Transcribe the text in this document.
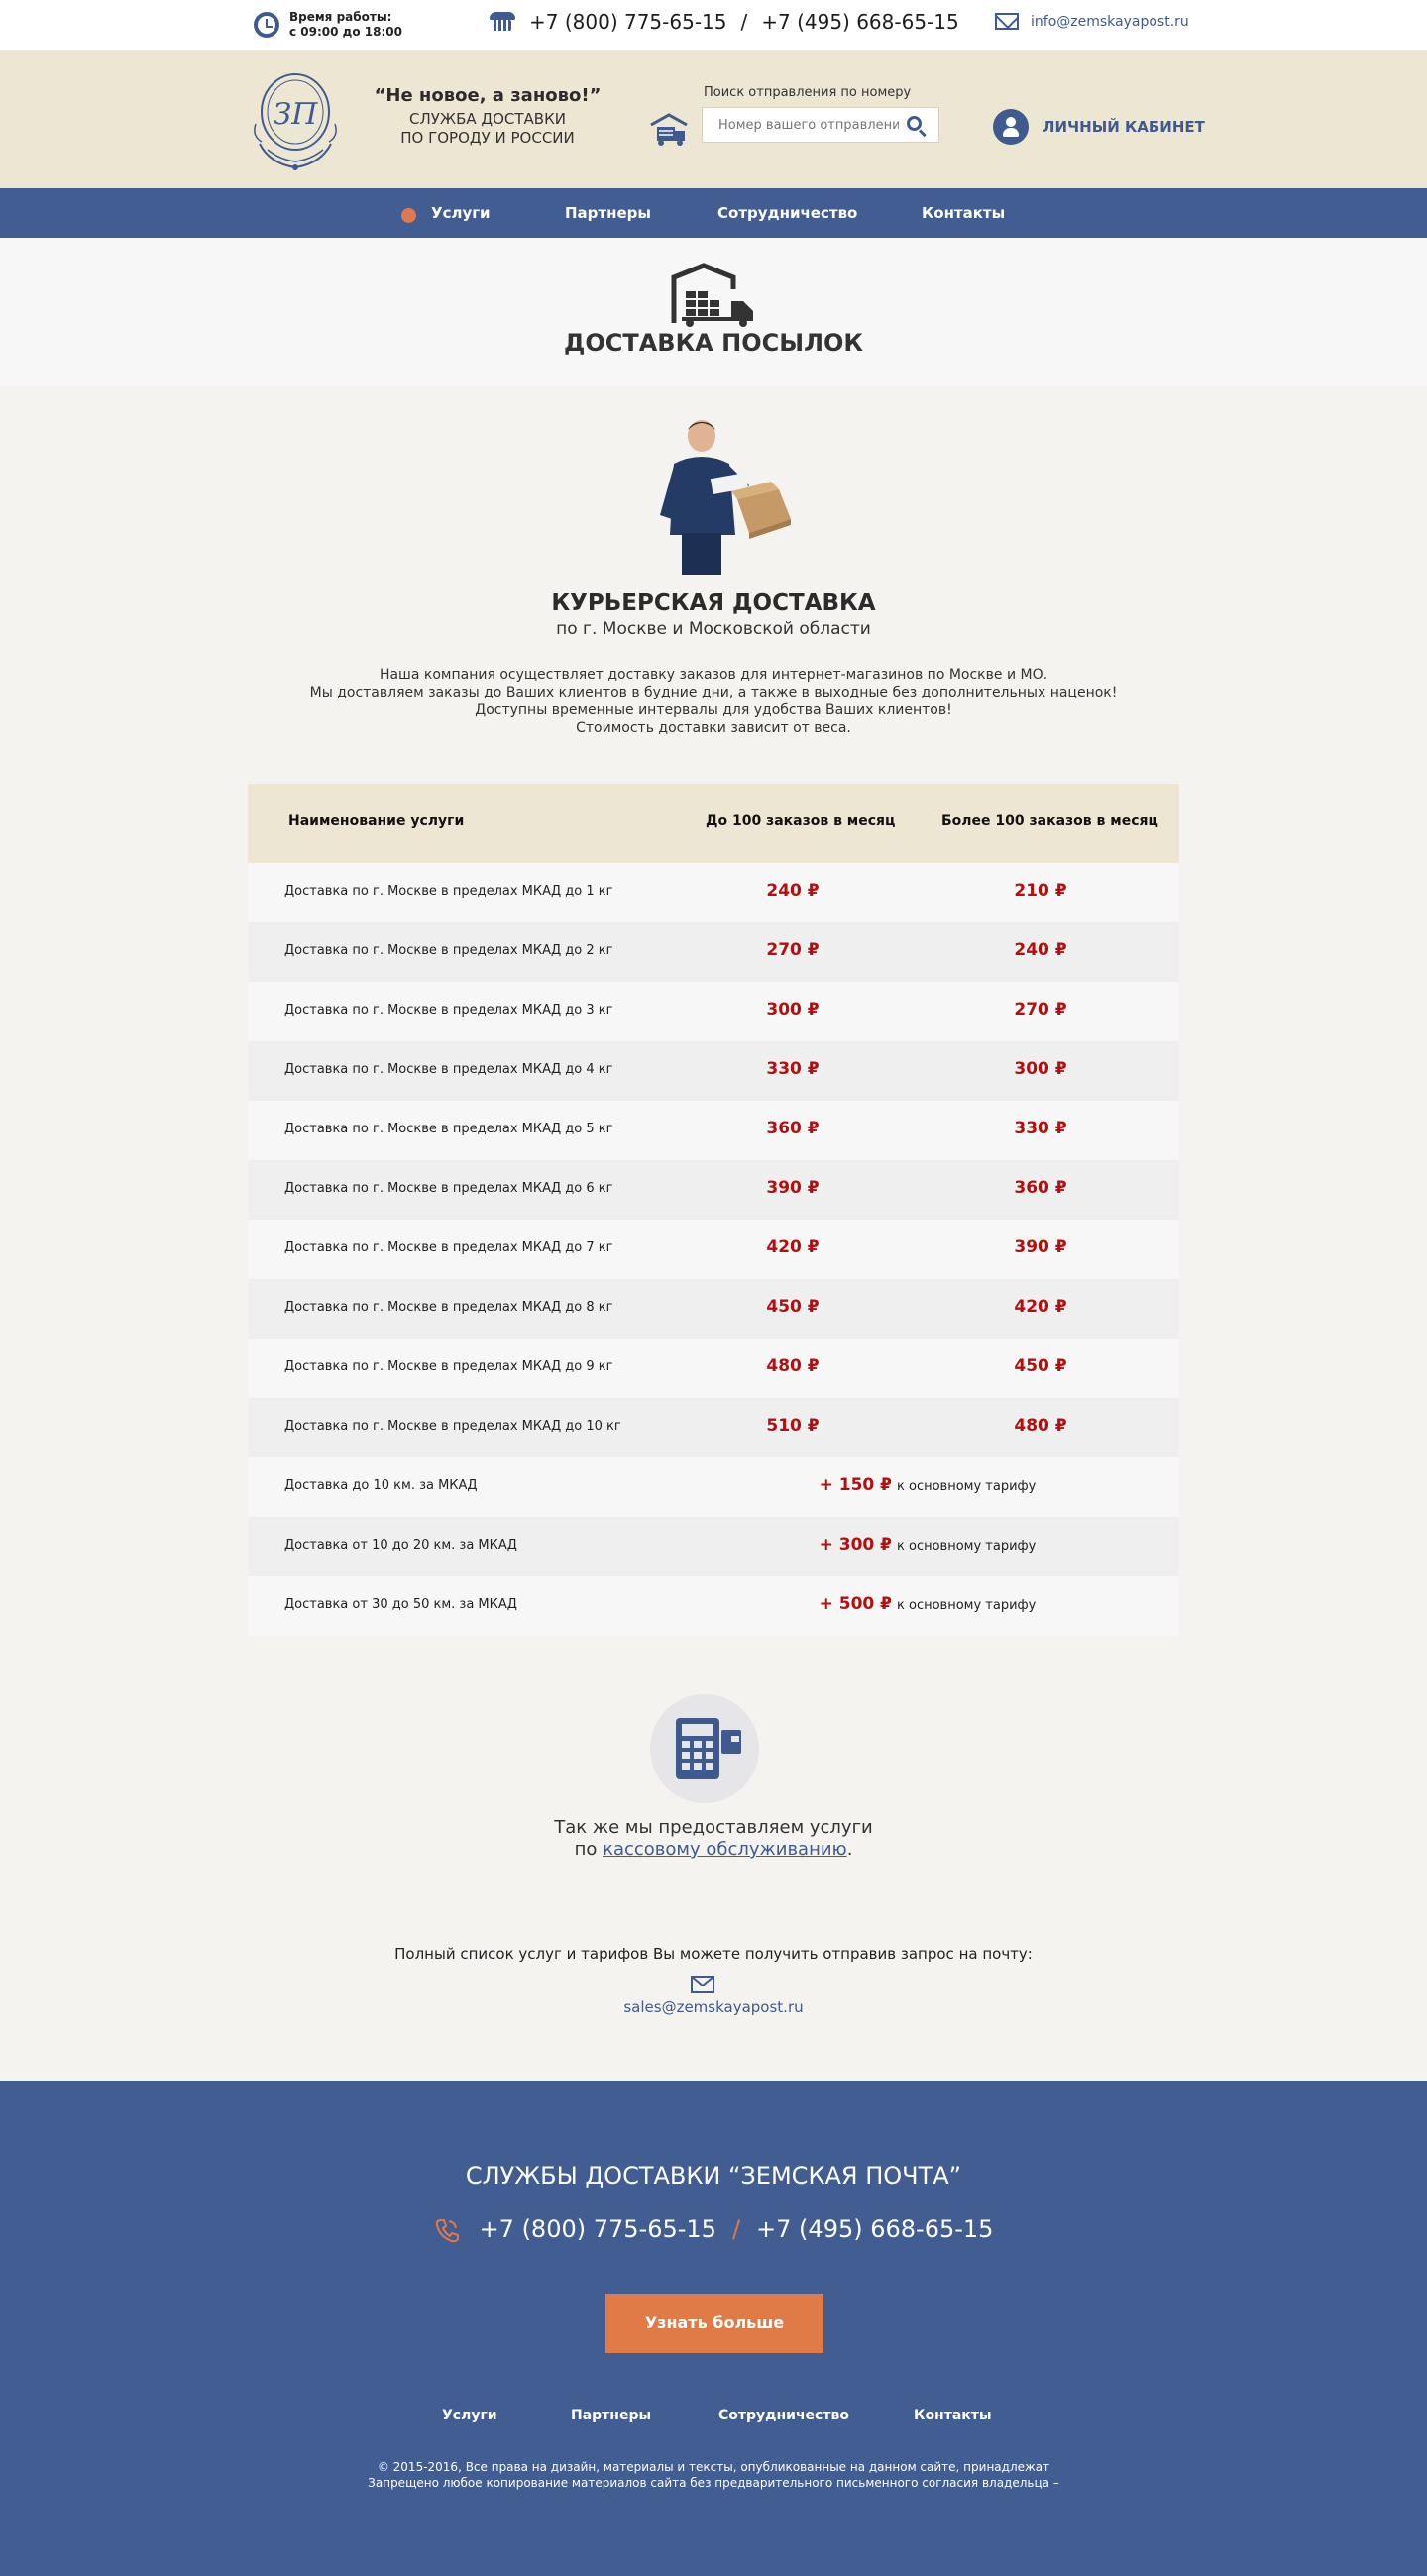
Время работы:
с 09:00 до 18:00	+7 (800) 775-65-15 / +7 (495) 668-65-15	info@zemskayapost.ru
ЗП
“Не новое, а заново!”
СЛУЖБА ДОСТАВКИ
ПО ГОРОДУ И РОССИИ
Поиск отправления по номеру
Номер вашего отправления
ЛИЧНЫЙ КАБИНЕТ
Услуги	Партнеры	Сотрудничество	Контакты
ДОСТАВКА ПОСЫЛОК
КУРЬЕРСКАЯ ДОСТАВКА
по г. Москве и Московской области
Наша компания осуществляет доставку заказов для интернет-магазинов по Москве и МО.
Мы доставляем заказы до Ваших клиентов в будние дни, а также в выходные без дополнительных наценок!
Доступны временные интервалы для удобства Ваших клиентов!
Стоимость доставки зависит от веса.
Наименование услуги	До 100 заказов в месяц	Более 100 заказов в месяц
Доставка по г. Москве в пределах МКАД до 1 кг	240 ₽	210 ₽
Доставка по г. Москве в пределах МКАД до 2 кг	270 ₽	240 ₽
Доставка по г. Москве в пределах МКАД до 3 кг	300 ₽	270 ₽
Доставка по г. Москве в пределах МКАД до 4 кг	330 ₽	300 ₽
Доставка по г. Москве в пределах МКАД до 5 кг	360 ₽	330 ₽
Доставка по г. Москве в пределах МКАД до 6 кг	390 ₽	360 ₽
Доставка по г. Москве в пределах МКАД до 7 кг	420 ₽	390 ₽
Доставка по г. Москве в пределах МКАД до 8 кг	450 ₽	420 ₽
Доставка по г. Москве в пределах МКАД до 9 кг	480 ₽	450 ₽
Доставка по г. Москве в пределах МКАД до 10 кг	510 ₽	480 ₽
Доставка до 10 км. за МКАД	+ 150 ₽ к основному тарифу
Доставка от 10 до 20 км. за МКАД	+ 300 ₽ к основному тарифу
Доставка от 30 до 50 км. за МКАД	+ 500 ₽ к основному тарифу
Так же мы предоставляем услуги
по кассовому обслуживанию.
Полный список услуг и тарифов Вы можете получить отправив запрос на почту:
sales@zemskayapost.ru
СЛУЖБЫ ДОСТАВКИ “ЗЕМСКАЯ ПОЧТА”
+7 (800) 775-65-15 / +7 (495) 668-65-15
Узнать больше
Услуги	Партнеры	Сотрудничество	Контакты
© 2015-2016, Все права на дизайн, материалы и тексты, опубликованные на данном сайте, принадлежат
Запрещено любое копирование материалов сайта без предварительного письменного согласия владельца –
